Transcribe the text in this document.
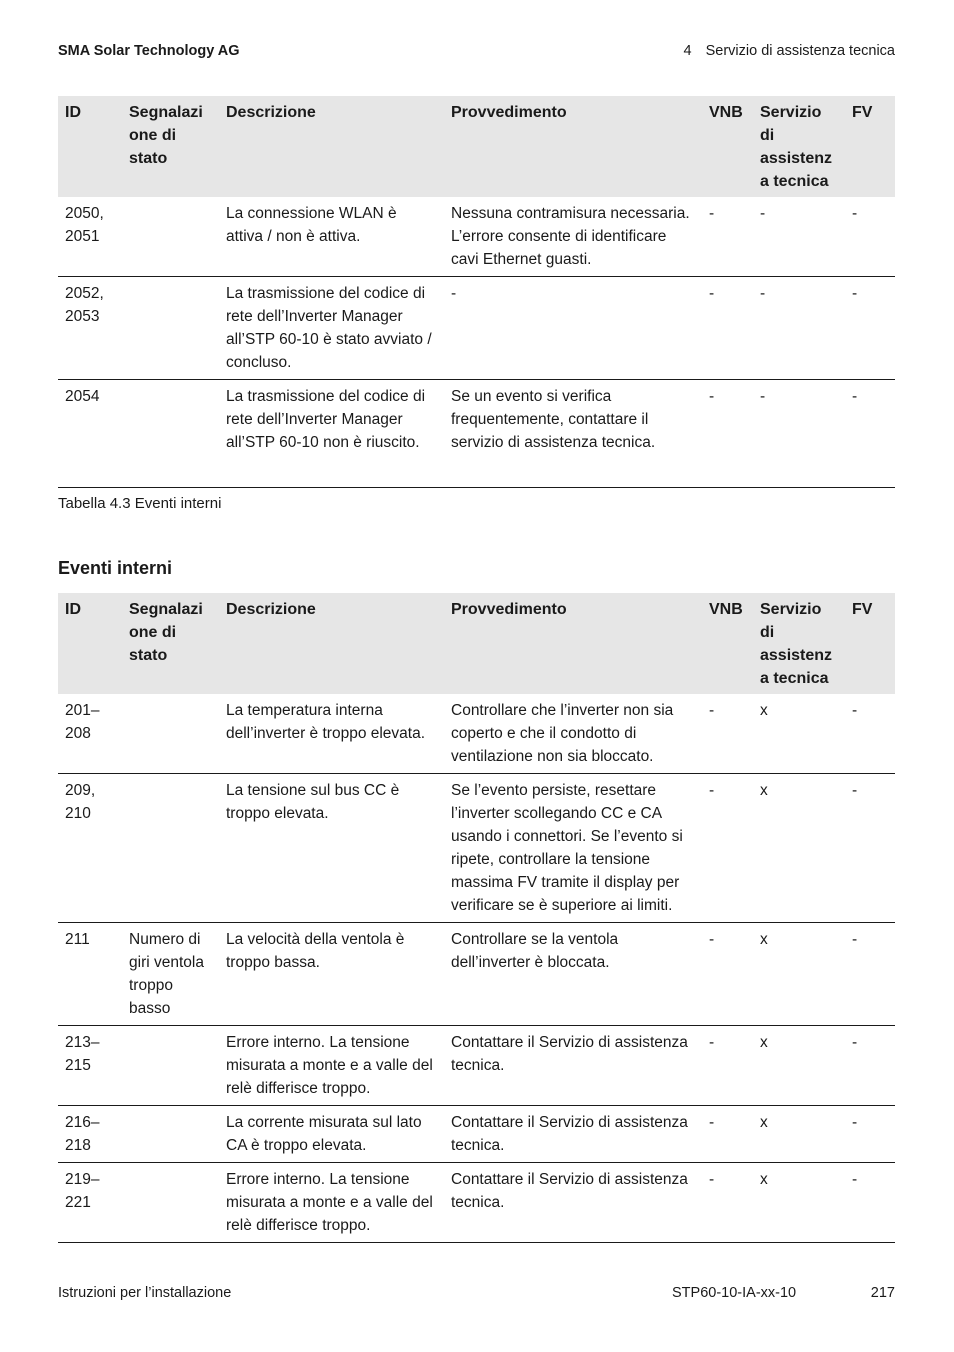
SMA Solar Technology AG	4 Servizio di assistenza tecnica
ID	Segnalazi one di stato	Descrizione	Provvedimento	VNB	Servizio di assistenz a tecnica	FV
2050, 2051		La connessione WLAN è attiva / non è attiva.	Nessuna contramisura necessaria. L’errore consente di identificare cavi Ethernet guasti.	-	-	-
2052, 2053		La trasmissione del codice di rete dell’Inverter Manager all’STP 60-10 è stato avviato / concluso.	-	-	-	-
2054		La trasmissione del codice di rete dell’Inverter Manager all’STP 60-10 non è riuscito.	Se un evento si verifica frequentemente, contattare il servizio di assistenza tecnica.	-	-	-
Tabella 4.3 Eventi interni
Eventi interni
ID	Segnalazi one di stato	Descrizione	Provvedimento	VNB	Servizio di assistenz a tecnica	FV
201– 208		La temperatura interna dell’inverter è troppo elevata.	Controllare che l’inverter non sia coperto e che il condotto di ventilazione non sia bloccato.	-	x	-
209, 210		La tensione sul bus CC è troppo elevata.	Se l’evento persiste, resettare l’inverter scollegando CC e CA usando i connettori. Se l’evento si ripete, controllare la tensione massima FV tramite il display per verificare se è superiore ai limiti.	-	x	-
211	Numero di giri ventola troppo basso	La velocità della ventola è troppo bassa.	Controllare se la ventola dell’inverter è bloccata.	-	x	-
213– 215		Errore interno. La tensione misurata a monte e a valle del relè differisce troppo.	Contattare il Servizio di assistenza tecnica.	-	x	-
216– 218		La corrente misurata sul lato CA è troppo elevata.	Contattare il Servizio di assistenza tecnica.	-	x	-
219– 221		Errore interno. La tensione misurata a monte e a valle del relè differisce troppo.	Contattare il Servizio di assistenza tecnica.	-	x	-
Istruzioni per l’installazione	STP60-10-IA-xx-10	217
